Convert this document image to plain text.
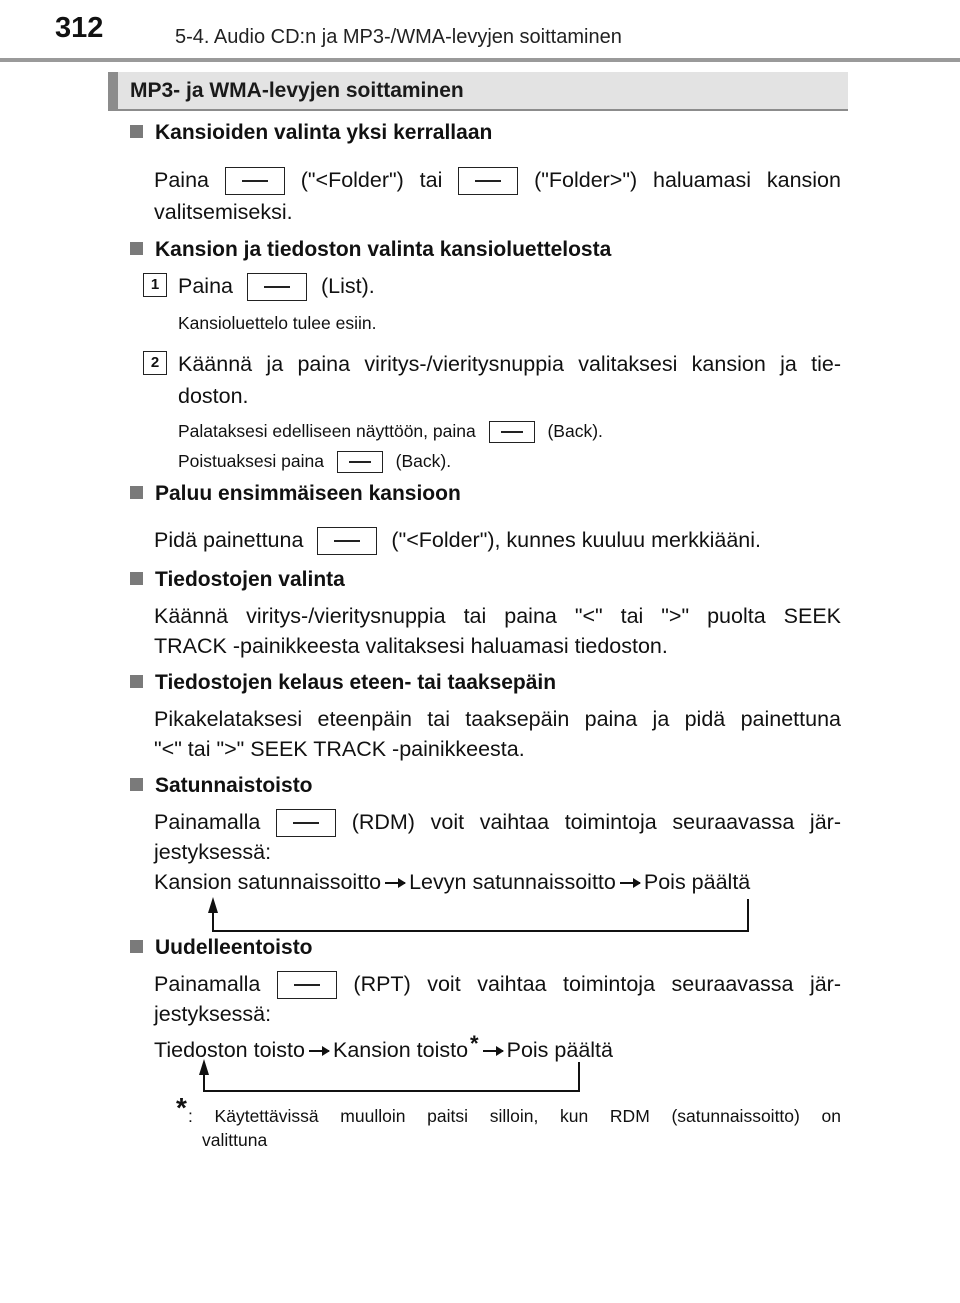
312	5-4. Audio CD:n ja MP3-/WMA-levyjen soittaminen
MP3- ja WMA-levyjen soittaminen
Kansioiden valinta yksi kerrallaan
Paina	("<Folder") tai	("Folder>") haluamasi kansion
valitsemiseksi.
Kansion ja tiedoston valinta kansioluettelosta
1 Paina	(List).
Kansioluettelo tulee esiin.
2 Käännä ja paina viritys-/vieritysnuppia valitaksesi kansion ja tie-
doston.
Palataksesi edelliseen näyttöön, paina	(Back).
Poistuaksesi paina	(Back).
Paluu ensimmäiseen kansioon
Pidä painettuna	("<Folder"), kunnes kuuluu merkkiääni.
Tiedostojen valinta
Käännä viritys-/vieritysnuppia tai paina "<" tai ">" puolta SEEK
TRACK -painikkeesta valitaksesi haluamasi tiedoston.
Tiedostojen kelaus eteen- tai taaksepäin
Pikakelataksesi eteenpäin tai taaksepäin paina ja pidä painettuna
"<" tai ">" SEEK TRACK -painikkeesta.
Satunnaistoisto
Painamalla	(RDM) voit vaihtaa toimintoja seuraavassa jär-
jestyksessä:
Kansion satunnaissoitto Levyn satunnaissoitto Pois päältä
Uudelleentoisto
Painamalla	(RPT) voit vaihtaa toimintoja seuraavassa jär-
jestyksessä:
Tiedoston toisto Kansion toisto* Pois päältä
* : Käytettävissä muulloin paitsi silloin, kun RDM (satunnaissoitto) on
valittuna
